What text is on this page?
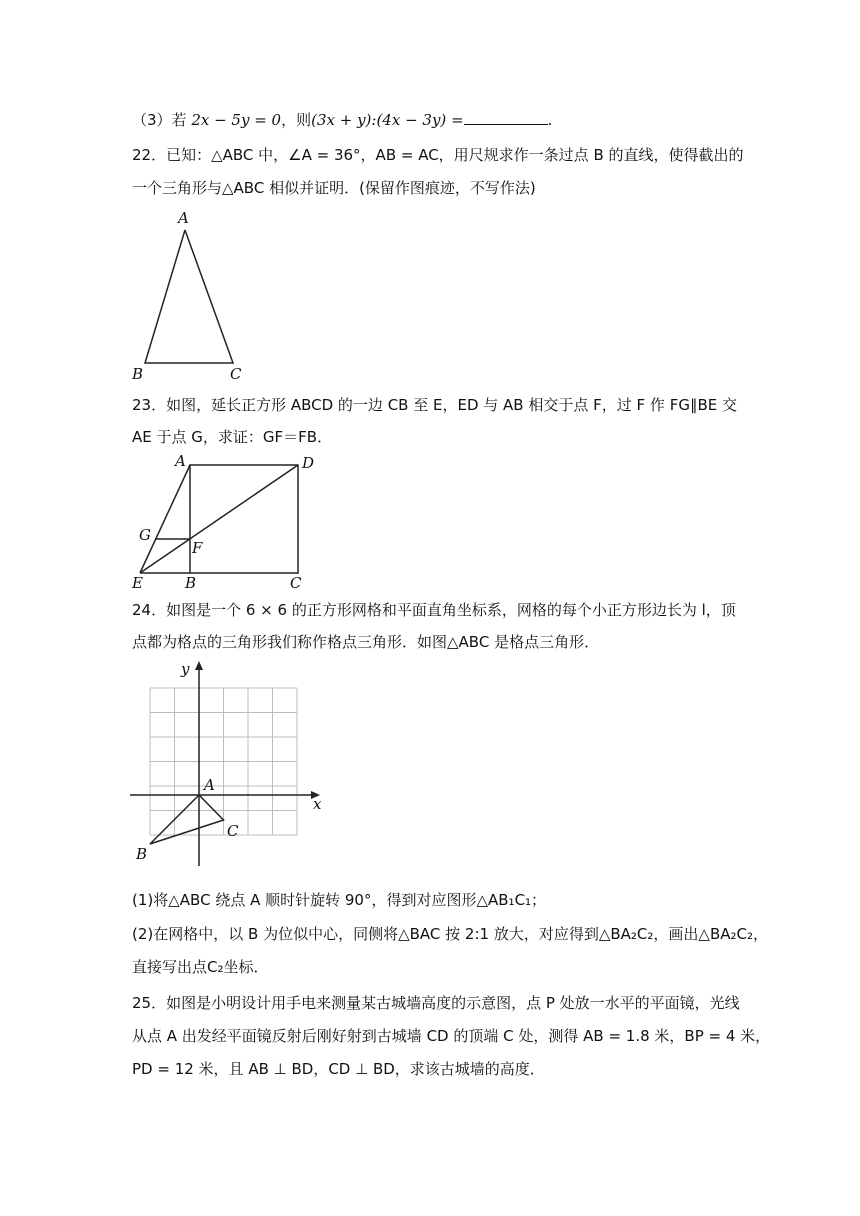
（3）若 2x − 5y = 0，则(3x + y):(4x − 3y) =	.
22．已知：△ABC 中，∠A = 36°，AB = AC，用尺规求作一条过点 B 的直线，使得截出的
一个三角形与△ABC 相似并证明．(保留作图痕迹，不写作法)
A
B	C
23．如图，延长正方形 ABCD 的一边 CB 至 E，ED 与 AB 相交于点 F，过 F 作 FG∥BE 交
AE 于点 G，求证：GF＝FB．
A	D
G
F
E	B	C
24．如图是一个 6 × 6 的正方形网格和平面直角坐标系，网格的每个小正方形边长为 l，顶
点都为格点的三角形我们称作格点三角形．如图△ABC 是格点三角形．
y
x
A
B
C
(1)将△ABC 绕点 A 顺时针旋转 90°，得到对应图形△AB₁C₁；
(2)在网格中，以 B 为位似中心，同侧将△BAC 按 2:1 放大，对应得到△BA₂C₂，画出△BA₂C₂，
直接写出点C₂坐标．
25．如图是小明设计用手电来测量某古城墙高度的示意图，点 P 处放一水平的平面镜，光线
从点 A 出发经平面镜反射后刚好射到古城墙 CD 的顶端 C 处，测得 AB = 1.8 米，BP = 4 米，
PD = 12 米，且 AB ⊥ BD，CD ⊥ BD，求该古城墙的高度．
